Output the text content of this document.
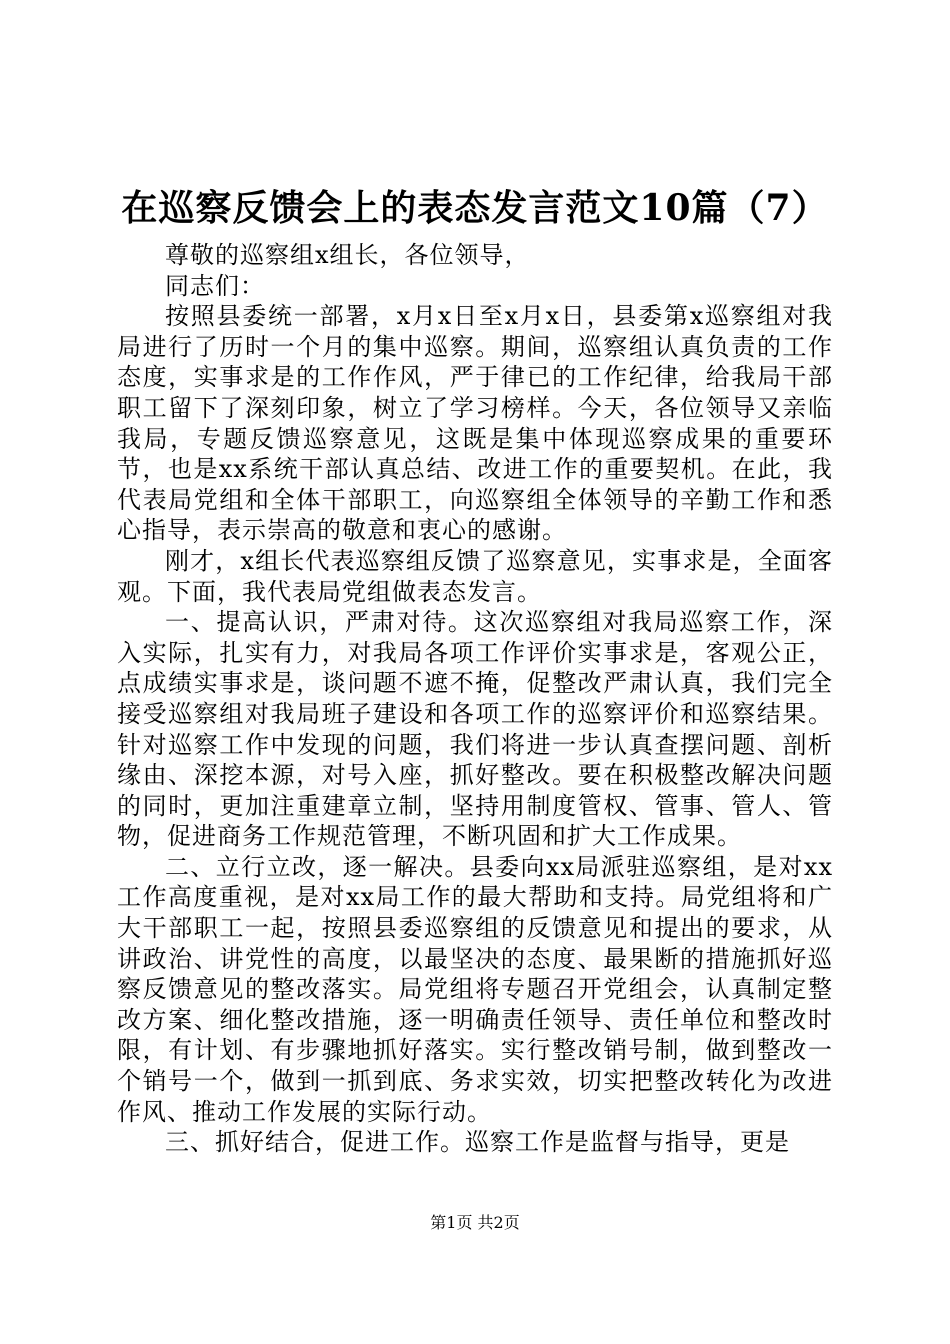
在巡察反馈会上的表态发言范文10篇（7）

尊敬的巡察组x组长，各位领导，

同志们：

按照县委统一部署，x月x日至x月x日，县委第x巡察组对我局进行了历时一个月的集中巡察。期间，巡察组认真负责的工作态度，实事求是的工作作风，严于律已的工作纪律，给我局干部职工留下了深刻印象，树立了学习榜样。今天，各位领导又亲临我局，专题反馈巡察意见，这既是集中体现巡察成果的重要环节，也是xx系统干部认真总结、改进工作的重要契机。在此，我代表局党组和全体干部职工，向巡察组全体领导的辛勤工作和悉心指导，表示崇高的敬意和衷心的感谢。

刚才，x组长代表巡察组反馈了巡察意见，实事求是，全面客观。下面，我代表局党组做表态发言。

一、提高认识，严肃对待。这次巡察组对我局巡察工作，深入实际，扎实有力，对我局各项工作评价实事求是，客观公正，点成绩实事求是，谈问题不遮不掩，促整改严肃认真，我们完全接受巡察组对我局班子建设和各项工作的巡察评价和巡察结果。针对巡察工作中发现的问题，我们将进一步认真查摆问题、剖析缘由、深挖本源，对号入座，抓好整改。要在积极整改解决问题的同时，更加注重建章立制，坚持用制度管权、管事、管人、管物，促进商务工作规范管理，不断巩固和扩大工作成果。

二、立行立改，逐一解决。县委向xx局派驻巡察组，是对xx工作高度重视，是对xx局工作的最大帮助和支持。局党组将和广大干部职工一起，按照县委巡察组的反馈意见和提出的要求，从讲政治、讲党性的高度，以最坚决的态度、最果断的措施抓好巡察反馈意见的整改落实。局党组将专题召开党组会，认真制定整改方案、细化整改措施，逐一明确责任领导、责任单位和整改时限，有计划、有步骤地抓好落实。实行整改销号制，做到整改一个销号一个，做到一抓到底、务求实效，切实把整改转化为改进作风、推动工作发展的实际行动。

三、抓好结合，促进工作。巡察工作是监督与指导，更是

第1页 共2页
